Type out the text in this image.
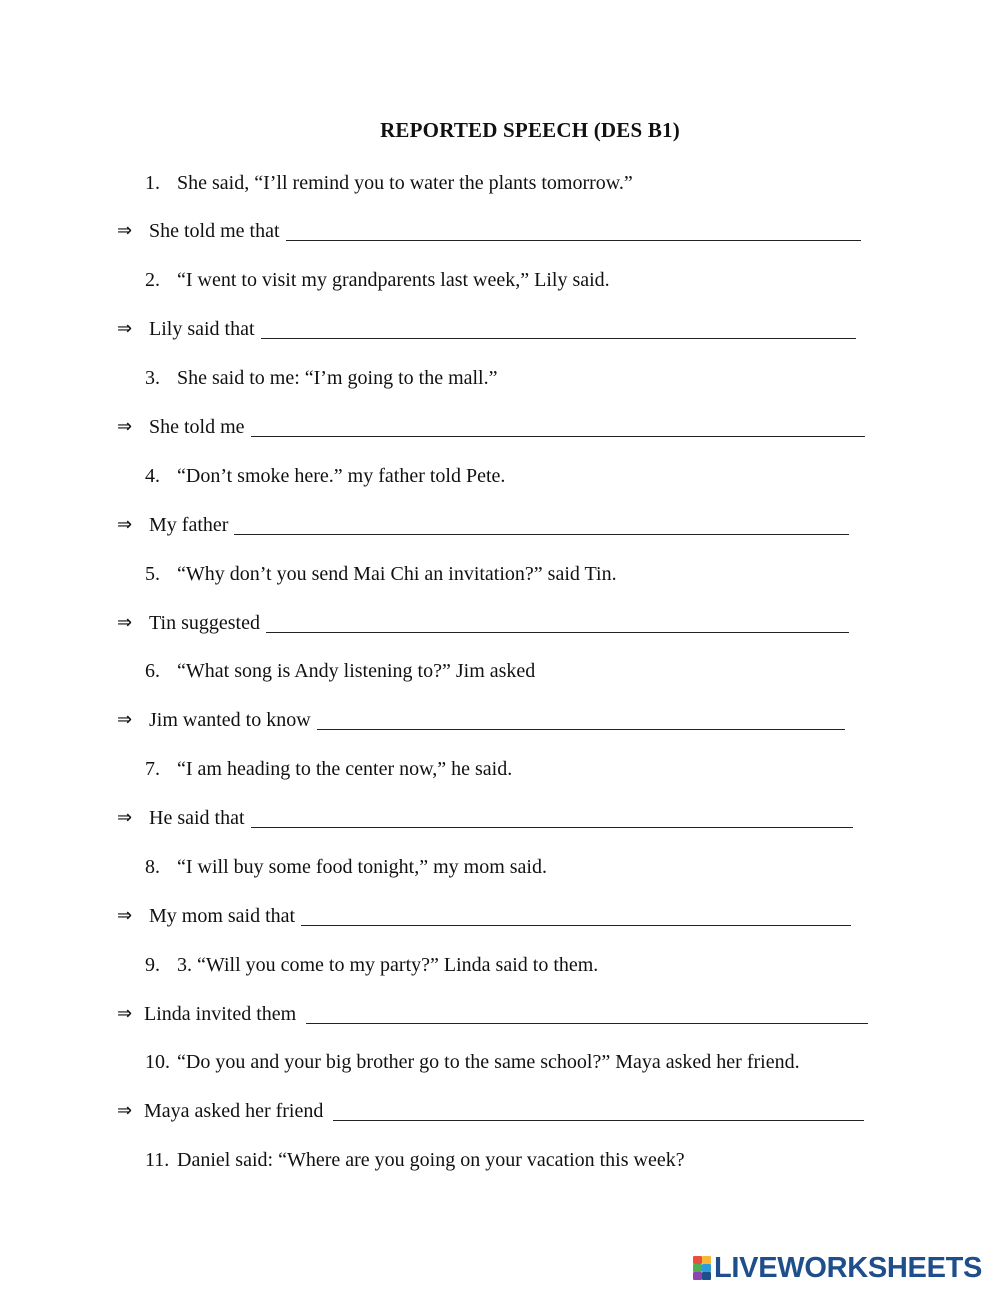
REPORTED SPEECH (DES B1)
1. She said, “I’ll remind you to water the plants tomorrow.”
⇒ She told me that
2. “I went to visit my grandparents last week,” Lily said.
⇒ Lily said that
3. She said to me: “I’m going to the mall.”
⇒ She told me
4. “Don’t smoke here.” my father told Pete.
⇒ My father
5. “Why don’t you send Mai Chi an invitation?” said Tin.
⇒ Tin suggested
6. “What song is Andy listening to?” Jim asked
⇒ Jim wanted to know
7. “I am heading to the center now,” he said.
⇒ He said that
8. “I will buy some food tonight,” my mom said.
⇒ My mom said that
9. 3. “Will you come to my party?” Linda said to them.
⇒ Linda invited them
10. “Do you and your big brother go to the same school?” Maya asked her friend.
⇒ Maya asked her friend
11. Daniel said: “Where are you going on your vacation this week?
LIVEWORKSHEETS
